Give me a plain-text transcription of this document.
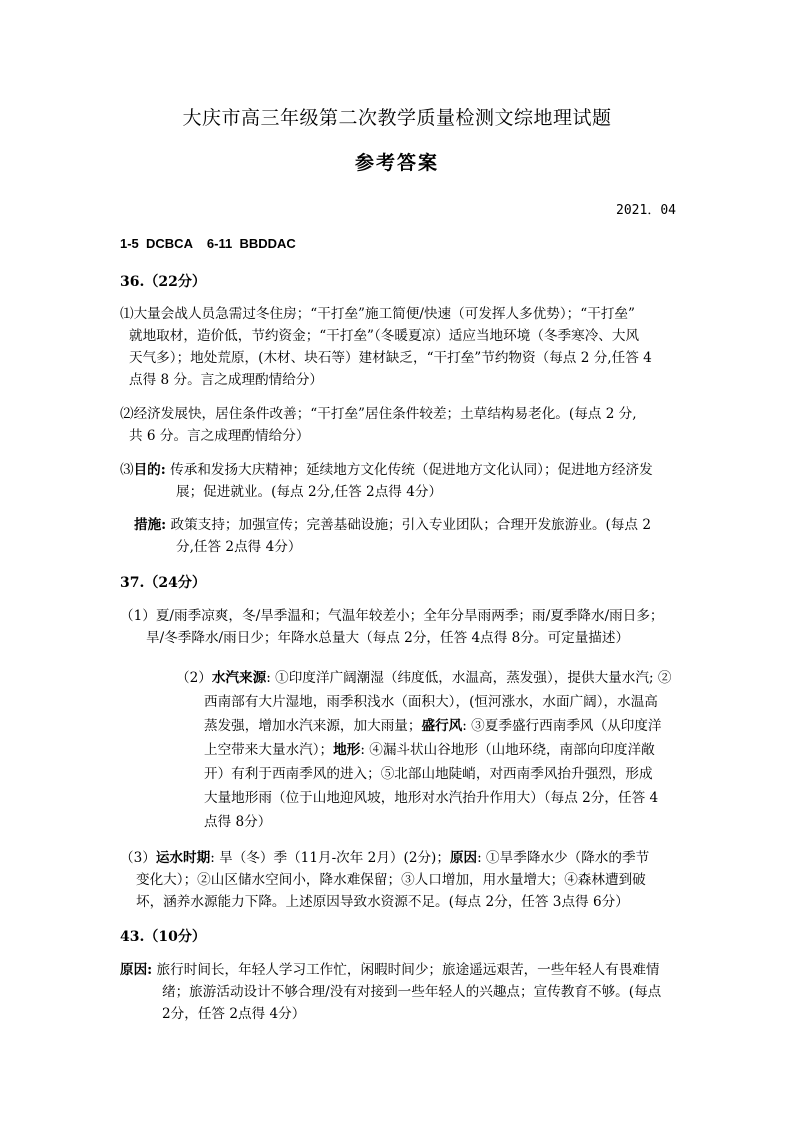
大庆市高三年级第二次教学质量检测文综地理试题
参考答案
2021．04
1-5  DCBCA    6-11  BBDDAC
36.（22分）
⑴大量会战人员急需过冬住房；“干打垒”施工简便/快速（可发挥人多优势）；“干打垒”
就地取材，造价低，节约资金；“干打垒”（冬暖夏凉）适应当地环境（冬季寒冷、大风
天气多）；地处荒原，(木材、块石等）建材缺乏，“干打垒”节约物资（每点 2 分,任答 4
点得 8 分。言之成理酌情给分）
⑵经济发展快，居住条件改善；“干打垒”居住条件较差；土草结构易老化。(每点 2 分,
共 6 分。言之成理酌情给分）
⑶目的: 传承和发扬大庆精神；延续地方文化传统（促进地方文化认同）；促进地方经济发
展；促进就业。(每点 2分,任答 2点得 4分）
措施: 政策支持；加强宣传；完善基础设施；引入专业团队；合理开发旅游业。(每点 2
分,任答 2点得 4分）
37.（24分）
（1）夏/雨季凉爽，冬/旱季温和；气温年较差小；全年分旱雨两季；雨/夏季降水/雨日多；
旱/冬季降水/雨日少；年降水总量大（每点 2分，任答 4点得 8分。可定量描述）
（2）水汽来源: ①印度洋广阔潮湿（纬度低，水温高，蒸发强），提供大量水汽; ②
西南部有大片湿地，雨季积浅水（面积大），(恒河涨水，水面广阔），水温高
蒸发强，增加水汽来源，加大雨量；盛行风: ③夏季盛行西南季风（从印度洋
上空带来大量水汽）；地形: ④漏斗状山谷地形（山地环绕，南部向印度洋敞
开）有利于西南季风的进入；⑤北部山地陡峭，对西南季风抬升强烈，形成
大量地形雨（位于山地迎风坡，地形对水汽抬升作用大）（每点 2分，任答 4
点得 8分）
（3）运水时期: 旱（冬）季（11月-次年 2月）(2分)；原因: ①旱季降水少（降水的季节
变化大）；②山区储水空间小，降水难保留；③人口增加，用水量增大；④森林遭到破
坏，涵养水源能力下降。上述原因导致水资源不足。(每点 2分，任答 3点得 6分）
43.（10分）
原因: 旅行时间长，年轻人学习工作忙，闲暇时间少；旅途遥远艰苦，一些年轻人有畏难情
绪；旅游活动设计不够合理/没有对接到一些年轻人的兴趣点；宣传教育不够。(每点
2分，任答 2点得 4分）
